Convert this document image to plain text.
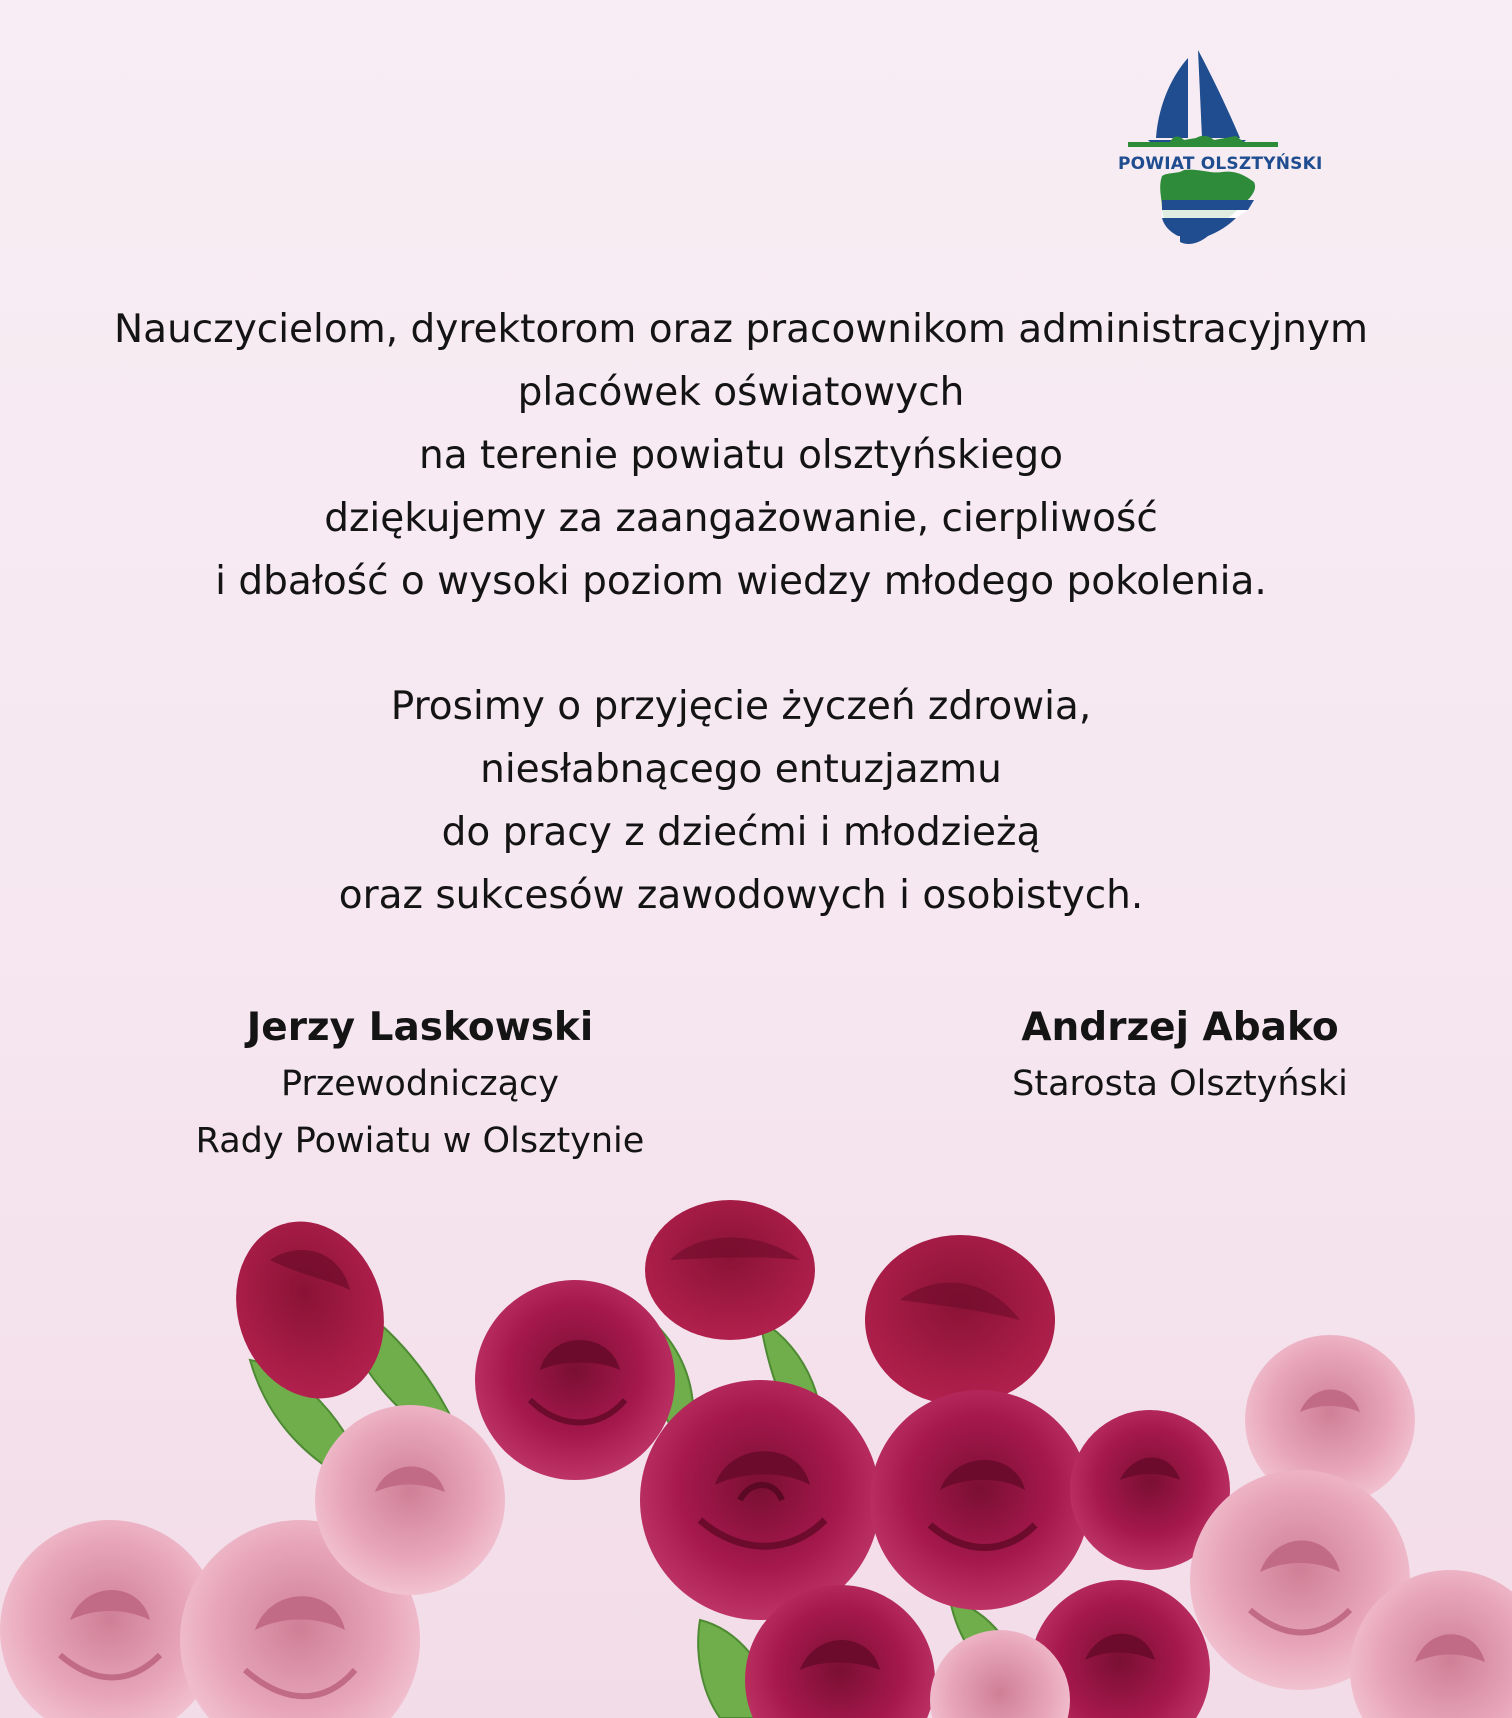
POWIAT OLSZTYŃSKI

Nauczycielom, dyrektorom oraz pracownikom administracyjnym
placówek oświatowych
na terenie powiatu olsztyńskiego
dziękujemy za zaangażowanie, cierpliwość
i dbałość o wysoki poziom wiedzy młodego pokolenia.

Prosimy o przyjęcie życzeń zdrowia,
niesłabnącego entuzjazmu
do pracy z dziećmi i młodzieżą
oraz sukcesów zawodowych i osobistych.

Jerzy Laskowski
Przewodniczący
Rady Powiatu w Olsztynie
Andrzej Abako
Starosta Olsztyński
